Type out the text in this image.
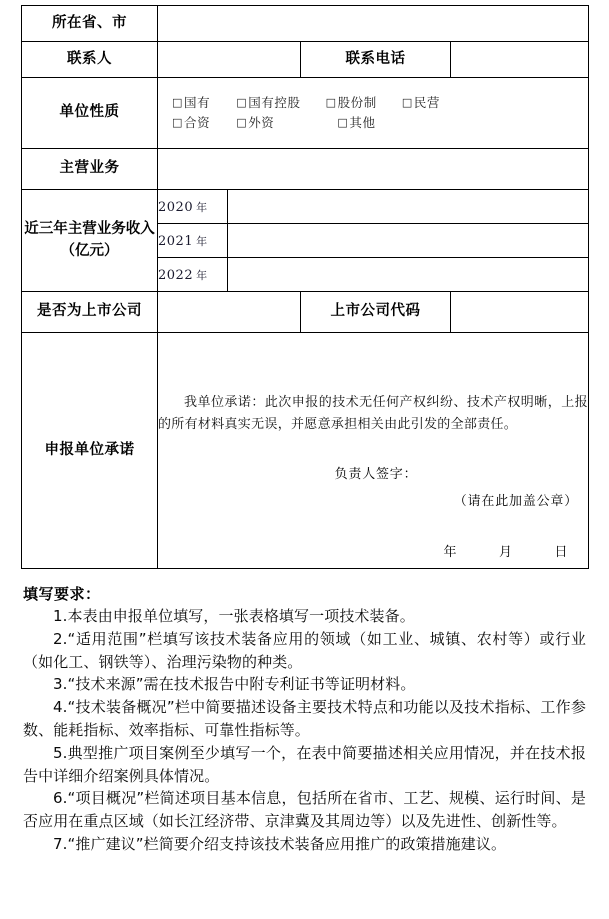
所在省、市				
联系人			联系电话	
单位性质	□国有 □国有控股 □股份制 □民营
□合资 □外资 □其他			

主营业务				
近三年主营业务收入（亿元）	2020 年			
	2021 年			
	2022 年			
是否为上市公司			上市公司代码	
申报单位承诺	我单位承诺：此次申报的技术无任何产权纠纷、技术产权明晰，上报的所有材料真实无误，并愿意承担相关由此引发的全部责任。
负责人签字：
（请在此加盖公章）
年 月 日			
填写要求：
1.本表由申报单位填写，一张表格填写一项技术装备。
2.“适用范围”栏填写该技术装备应用的领域（如工业、城镇、农村等）或行业（如化工、钢铁等）、治理污染物的种类。
3.“技术来源”需在技术报告中附专利证书等证明材料。
4.“技术装备概况”栏中简要描述设备主要技术特点和功能以及技术指标、工作参数、能耗指标、效率指标、可靠性指标等。
5.典型推广项目案例至少填写一个，在表中简要描述相关应用情况，并在技术报告中详细介绍案例具体情况。
6.“项目概况”栏简述项目基本信息，包括所在省市、工艺、规模、运行时间、是否应用在重点区域（如长江经济带、京津冀及其周边等）以及先进性、创新性等。
7.“推广建议”栏简要介绍支持该技术装备应用推广的政策措施建议。
